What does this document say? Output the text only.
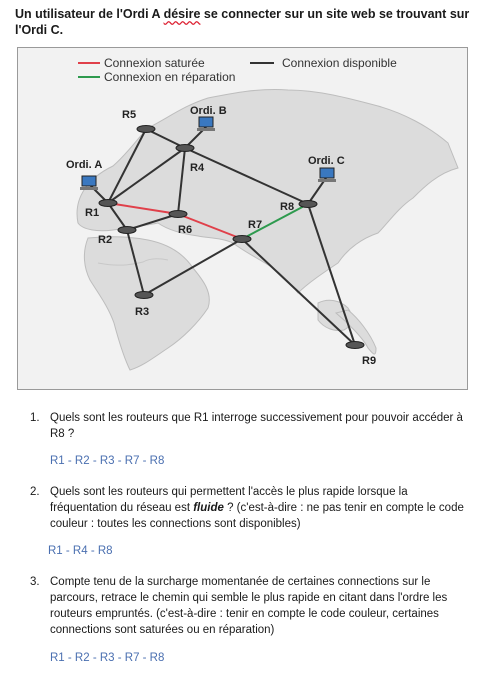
Un utilisateur de l'Ordi A désire se connecter sur un site web se trouvant sur l'Ordi C.
Connexion saturée
Connexion en réparation
Connexion disponible
R5
R4
R1
R2
R6	R7
R8
R3
R9
Ordi. A
Ordi. B
Ordi. C
1. Quels sont les routeurs que R1 interroge successivement pour pouvoir accéder à R8 ?
R1 - R2 - R3 - R7 - R8
2. Quels sont les routeurs qui permettent l'accès le plus rapide lorsque la fréquentation du réseau est fluide ? (c'est-à-dire : ne pas tenir en compte le code couleur : toutes les connections sont disponibles)
R1 - R4 - R8
3. Compte tenu de la surcharge momentanée de certaines connections sur le parcours, retrace le chemin qui semble le plus rapide en citant dans l'ordre les routeurs empruntés. (c'est-à-dire : tenir en compte le code couleur, certaines connections sont saturées ou en réparation)
R1 - R2 - R3 - R7 - R8
